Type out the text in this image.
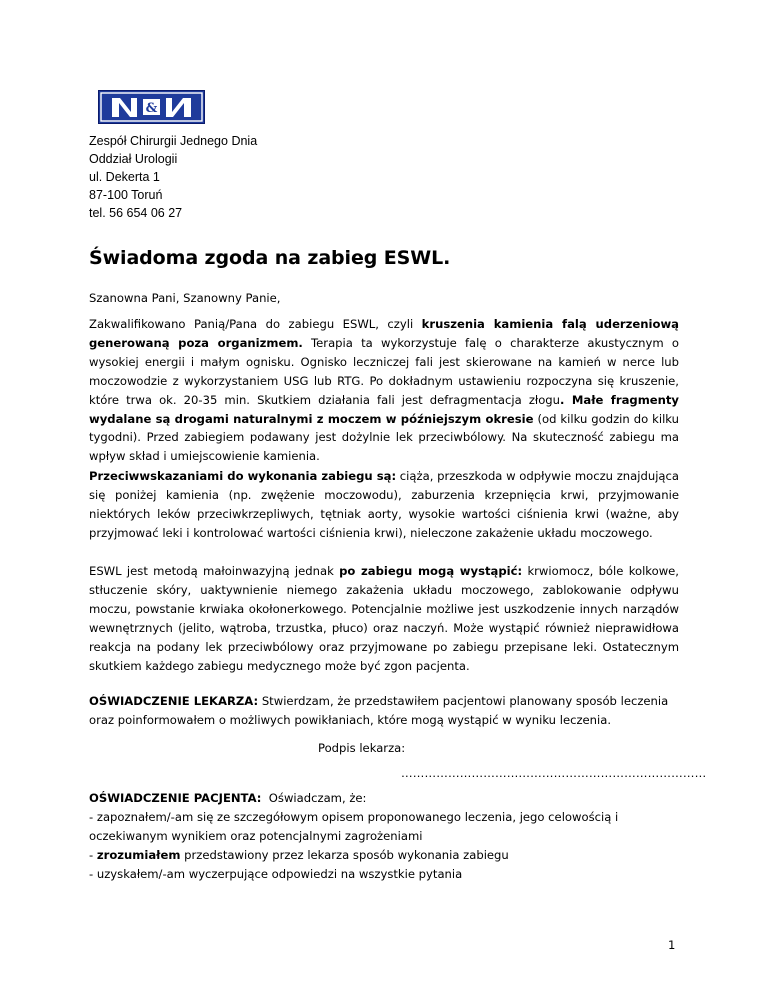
&
Zespół Chirurgii Jednego Dnia
Oddział Urologii
ul. Dekerta 1
87-100 Toruń
tel. 56 654 06 27
Świadoma zgoda na zabieg ESWL.
Szanowna Pani, Szanowny Panie,
Zakwalifikowano Panią/Pana do zabiegu ESWL, czyli kruszenia kamienia falą uderzeniową generowaną poza organizmem. Terapia ta wykorzystuje falę o charakterze akustycznym o wysokiej energii i małym ognisku. Ognisko leczniczej fali jest skierowane na kamień w nerce lub moczowodzie z wykorzystaniem USG lub RTG. Po dokładnym ustawieniu rozpoczyna się kruszenie, które trwa ok. 20-35 min. Skutkiem działania fali jest defragmentacja złogu. Małe fragmenty wydalane są drogami naturalnymi z moczem w późniejszym okresie (od kilku godzin do kilku tygodni). Przed zabiegiem podawany jest dożylnie lek przeciwbólowy. Na skuteczność zabiegu ma wpływ skład i umiejscowienie kamienia.
Przeciwwskazaniami do wykonania zabiegu są: ciąża, przeszkoda w odpływie moczu znajdująca się poniżej kamienia (np. zwężenie moczowodu), zaburzenia krzepnięcia krwi, przyjmowanie niektórych leków przeciwkrzepliwych, tętniak aorty, wysokie wartości ciśnienia krwi (ważne, aby przyjmować leki i kontrolować wartości ciśnienia krwi), nieleczone zakażenie układu moczowego.
ESWL jest metodą małoinwazyjną jednak po zabiegu mogą wystąpić: krwiomocz, bóle kolkowe, stłuczenie skóry, uaktywnienie niemego zakażenia układu moczowego, zablokowanie odpływu moczu, powstanie krwiaka okołonerkowego. Potencjalnie możliwe jest uszkodzenie innych narządów wewnętrznych (jelito, wątroba, trzustka, płuco) oraz naczyń. Może wystąpić również nieprawidłowa reakcja na podany lek przeciwbólowy oraz przyjmowane po zabiegu przepisane leki. Ostatecznym skutkiem każdego zabiegu medycznego może być zgon pacjenta.
OŚWIADCZENIE LEKARZA: Stwierdzam, że przedstawiłem pacjentowi planowany sposób leczenia oraz poinformowałem o możliwych powikłaniach, które mogą wystąpić w wyniku leczenia.
Podpis lekarza:
……………………………………………………………………
OŚWIADCZENIE PACJENTA:  Oświadczam, że:
- zapoznałem/-am się ze szczegółowym opisem proponowanego leczenia, jego celowością i
oczekiwanym wynikiem oraz potencjalnymi zagrożeniami
- zrozumiałem przedstawiony przez lekarza sposób wykonania zabiegu
- uzyskałem/-am wyczerpujące odpowiedzi na wszystkie pytania
1
